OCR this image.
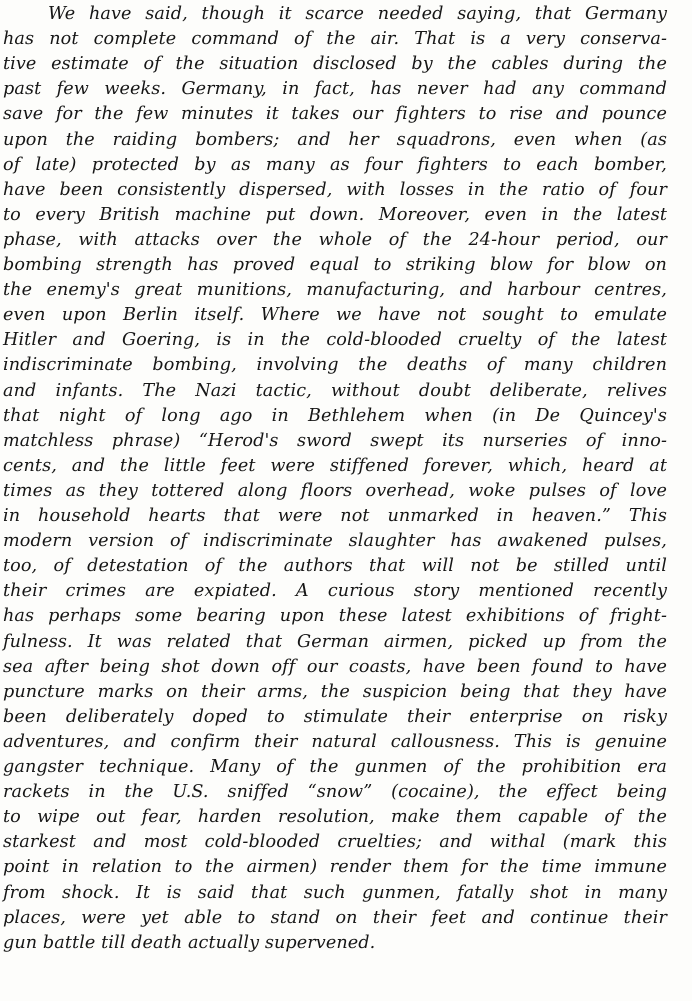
We have said, though it scarce needed saying, that Germany
has not complete command of the air. That is a very conserva-
tive estimate of the situation disclosed by the cables during the
past few weeks. Germany, in fact, has never had any command
save for the few minutes it takes our fighters to rise and pounce
upon the raiding bombers; and her squadrons, even when (as
of late) protected by as many as four fighters to each bomber,
have been consistently dispersed, with losses in the ratio of four
to every British machine put down. Moreover, even in the latest
phase, with attacks over the whole of the 24-hour period, our
bombing strength has proved equal to striking blow for blow on
the enemy's great munitions, manufacturing, and harbour centres,
even upon Berlin itself. Where we have not sought to emulate
Hitler and Goering, is in the cold-blooded cruelty of the latest
indiscriminate bombing, involving the deaths of many children
and infants. The Nazi tactic, without doubt deliberate, relives
that night of long ago in Bethlehem when (in De Quincey's
matchless phrase) “Herod's sword swept its nurseries of inno-
cents, and the little feet were stiffened forever, which, heard at
times as they tottered along floors overhead, woke pulses of love
in household hearts that were not unmarked in heaven.” This
modern version of indiscriminate slaughter has awakened pulses,
too, of detestation of the authors that will not be stilled until
their crimes are expiated. A curious story mentioned recently
has perhaps some bearing upon these latest exhibitions of fright-
fulness. It was related that German airmen, picked up from the
sea after being shot down off our coasts, have been found to have
puncture marks on their arms, the suspicion being that they have
been deliberately doped to stimulate their enterprise on risky
adventures, and confirm their natural callousness. This is genuine
gangster technique. Many of the gunmen of the prohibition era
rackets in the U.S. sniffed “snow” (cocaine), the effect being
to wipe out fear, harden resolution, make them capable of the
starkest and most cold-blooded cruelties; and withal (mark this
point in relation to the airmen) render them for the time immune
from shock. It is said that such gunmen, fatally shot in many
places, were yet able to stand on their feet and continue their
gun battle till death actually supervened.
